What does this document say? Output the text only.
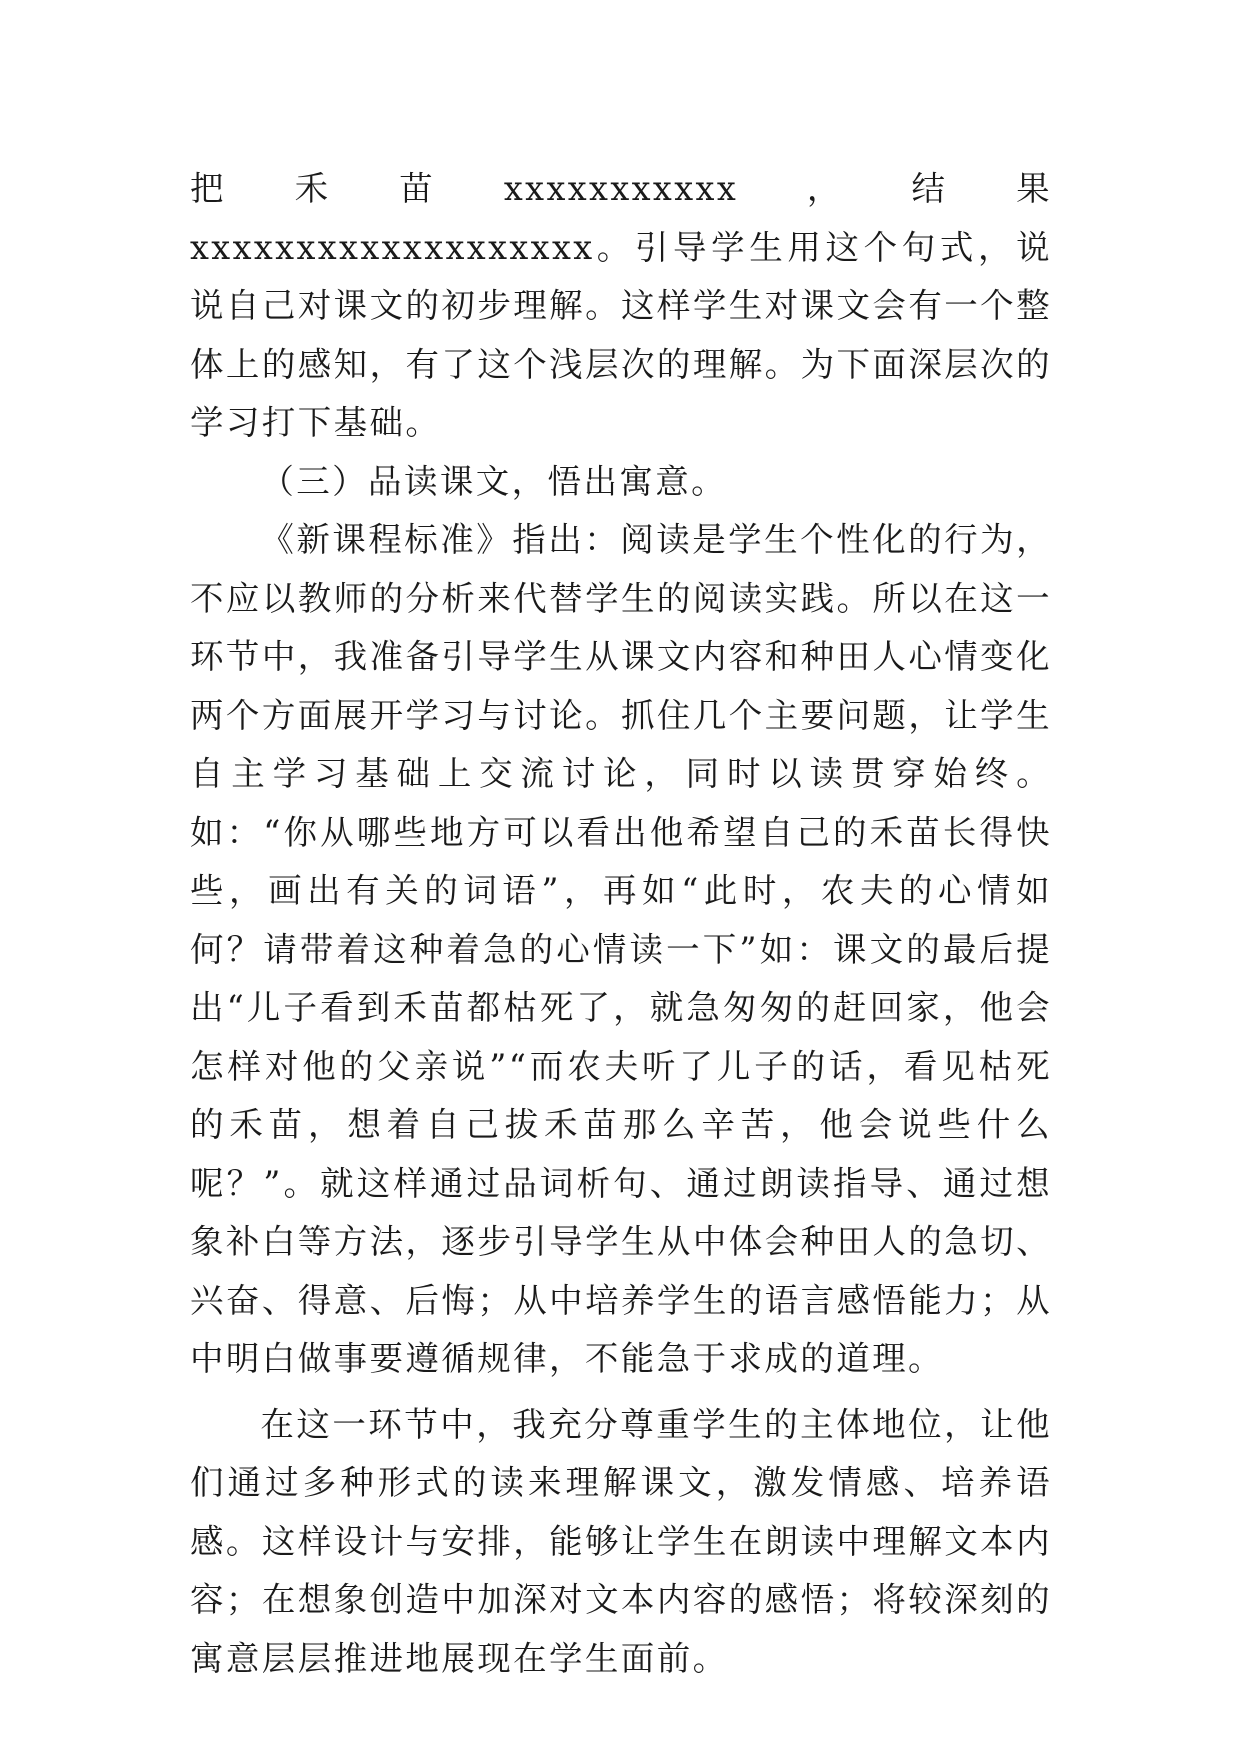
把禾苗xxxxxxxxxxx，结果xxxxxxxxxxxxxxxxxxx。引导学生用这个句式，说说自己对课文的初步理解。这样学生对课文会有一个整体上的感知，有了这个浅层次的理解。为下面深层次的学习打下基础。

（三）品读课文，悟出寓意。

《新课程标准》指出：阅读是学生个性化的行为，不应以教师的分析来代替学生的阅读实践。所以在这一环节中，我准备引导学生从课文内容和种田人心情变化两个方面展开学习与讨论。抓住几个主要问题，让学生自主学习基础上交流讨论，同时以读贯穿始终。如：“你从哪些地方可以看出他希望自己的禾苗长得快些，画出有关的词语”，再如“此时，农夫的心情如何？请带着这种着急的心情读一下”如：课文的最后提出“儿子看到禾苗都枯死了，就急匆匆的赶回家，他会怎样对他的父亲说”“而农夫听了儿子的话，看见枯死的禾苗，想着自己拔禾苗那么辛苦，他会说些什么呢？”。就这样通过品词析句、通过朗读指导、通过想象补白等方法，逐步引导学生从中体会种田人的急切、兴奋、得意、后悔；从中培养学生的语言感悟能力；从中明白做事要遵循规律，不能急于求成的道理。

在这一环节中，我充分尊重学生的主体地位，让他们通过多种形式的读来理解课文，激发情感、培养语感。这样设计与安排，能够让学生在朗读中理解文本内容；在想象创造中加深对文本内容的感悟；将较深刻的寓意层层推进地展现在学生面前。
